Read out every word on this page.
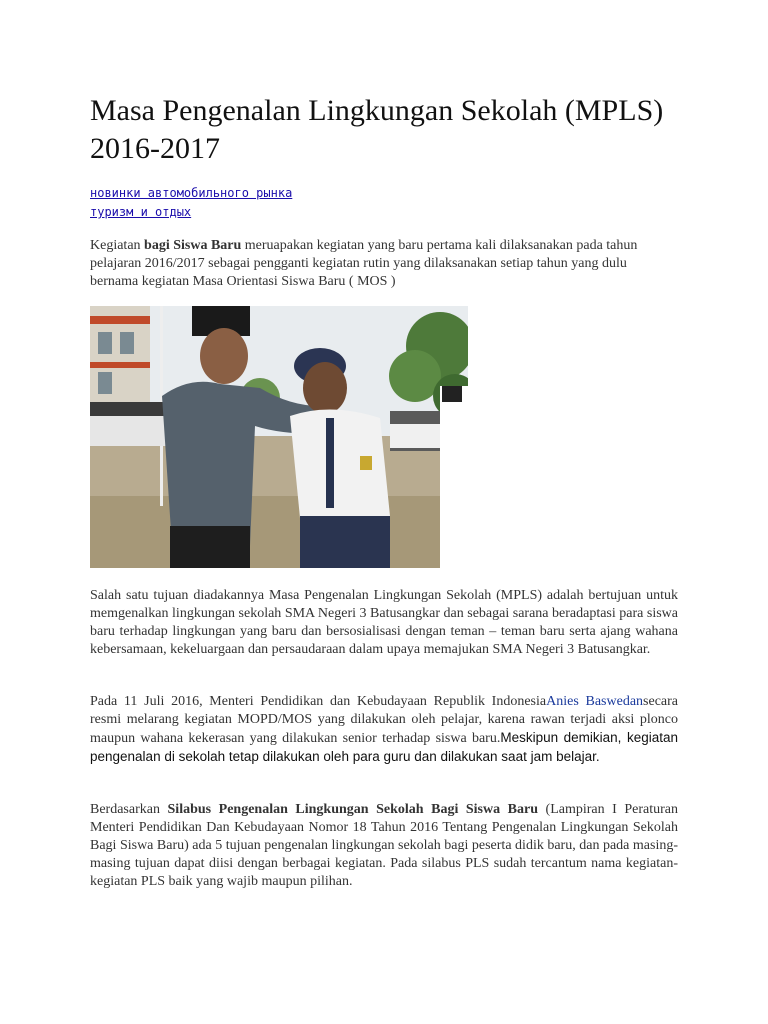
Masa Pengenalan Lingkungan Sekolah (MPLS) 2016-2017
новинки автомобильного рынка
туризм и отдых

Kegiatan bagi Siswa Baru meruapakan kegiatan yang baru pertama kali dilaksanakan pada tahun pelajaran 2016/2017 sebagai pengganti kegiatan rutin yang dilaksanakan setiap tahun yang dulu bernama kegiatan Masa Orientasi Siswa Baru ( MOS )

Salah satu tujuan diadakannya Masa Pengenalan Lingkungan Sekolah (MPLS) adalah bertujuan untuk memgenalkan lingkungan sekolah SMA Negeri 3 Batusangkar dan sebagai sarana beradaptasi para siswa baru terhadap lingkungan yang baru dan bersosialisasi dengan teman – teman baru serta ajang wahana kebersamaan, kekeluargaan dan persaudaraan dalam upaya memajukan SMA Negeri 3 Batusangkar.

Pada 11 Juli 2016, Menteri Pendidikan dan Kebudayaan Republik IndonesiaAnies Baswedansecara resmi melarang kegiatan MOPD/MOS yang dilakukan oleh pelajar, karena rawan terjadi aksi plonco maupun wahana kekerasan yang dilakukan senior terhadap siswa baru.Meskipun demikian, kegiatan pengenalan di sekolah tetap dilakukan oleh para guru dan dilakukan saat jam belajar.

Berdasarkan Silabus Pengenalan Lingkungan Sekolah Bagi Siswa Baru (Lampiran I Peraturan Menteri Pendidikan Dan Kebudayaan Nomor 18 Tahun 2016 Tentang Pengenalan Lingkungan Sekolah Bagi Siswa Baru) ada 5 tujuan pengenalan lingkungan sekolah bagi peserta didik baru, dan pada masing-masing tujuan dapat diisi dengan berbagai kegiatan. Pada silabus PLS sudah tercantum nama kegiatan-kegiatan PLS baik yang wajib maupun pilihan.
